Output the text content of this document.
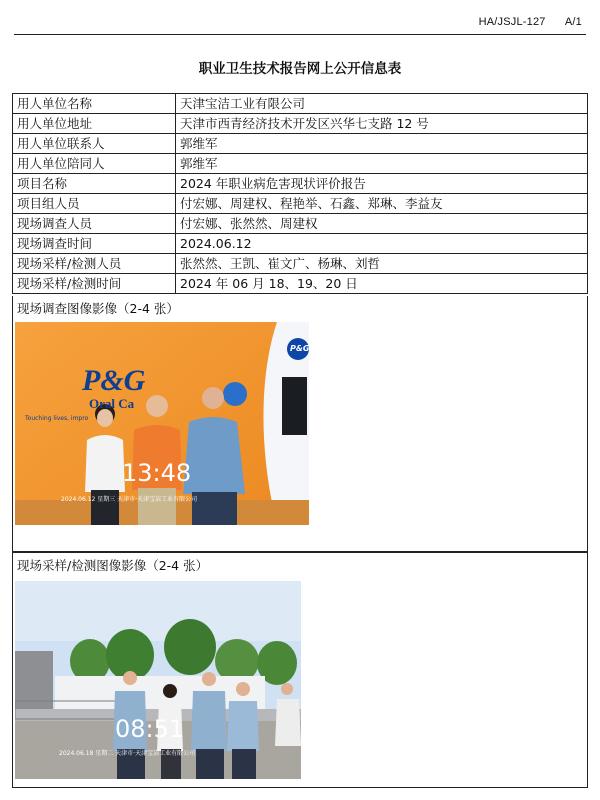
HA/JSJL-127 A/1
职业卫生技术报告网上公开信息表
用人单位名称	天津宝洁工业有限公司
用人单位地址	天津市西青经济技术开发区兴华七支路 12 号
用人单位联系人	郭维军
用人单位陪同人	郭维军
项目名称	2024 年职业病危害现状评价报告
项目组人员	付宏娜、周建权、程艳举、石鑫、郑琳、李益友
现场调查人员	付宏娜、张然然、周建权
现场调查时间	2024.06.12
现场采样/检测人员	张然然、王凯、崔文广、杨琳、刘哲
现场采样/检测时间	2024 年 06 月 18、19、20 日
现场调查图像影像（2-4 张）
P&G
Oral Ca
Touching lives, impro
P&G
13:48
2024.06.12 星期三 天津市·天津宝洁工业有限公司
现场采样/检测图像影像（2-4 张）
08:51
2024.06.18 星期二 天津市·天津宝洁工业有限公司
